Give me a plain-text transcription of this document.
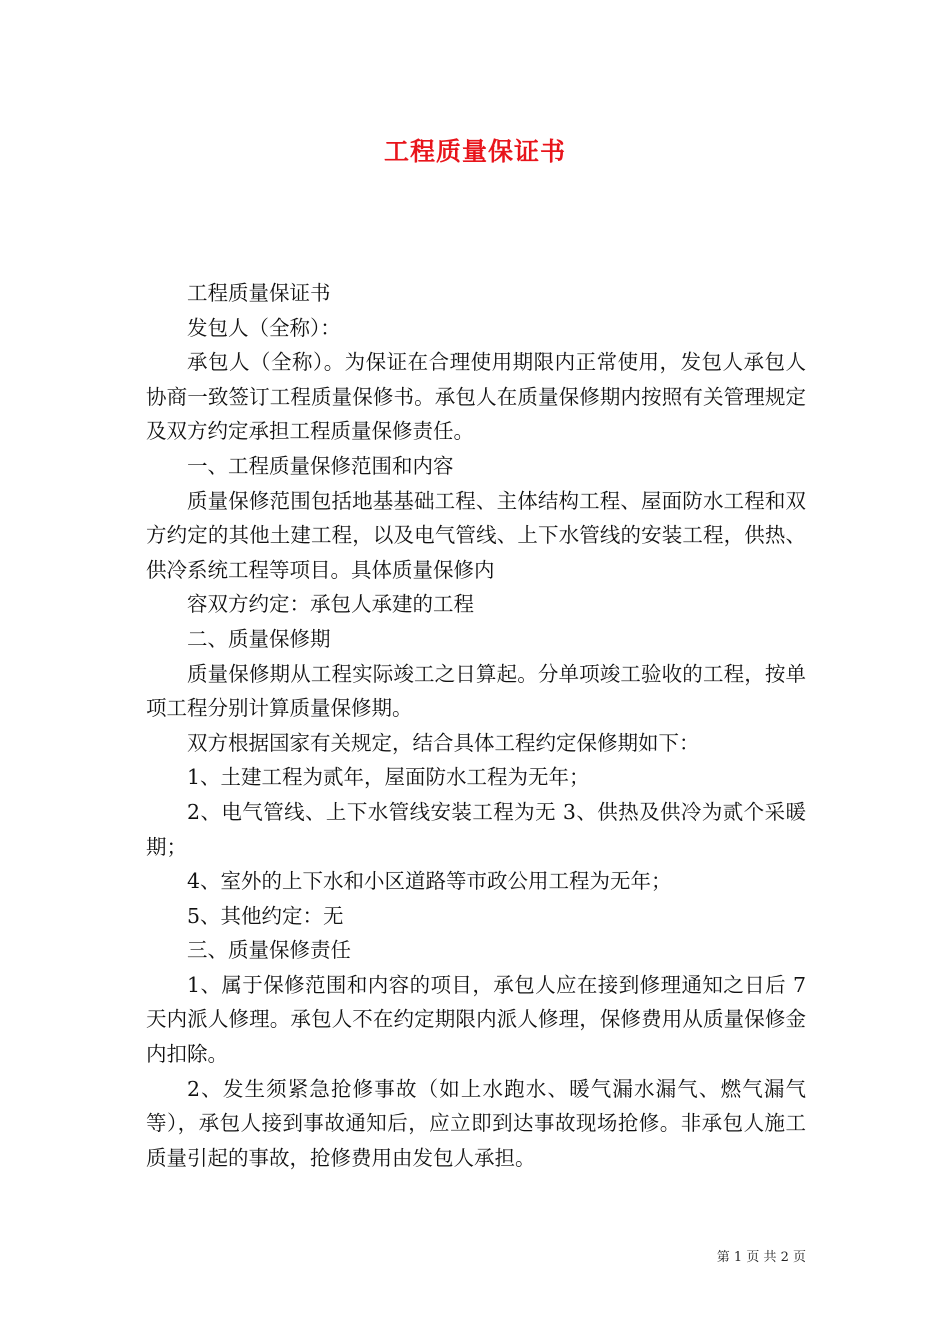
工程质量保证书

工程质量保证书

发包人（全称）：

承包人（全称）。为保证在合理使用期限内正常使用，发包人承包人协商一致签订工程质量保修书。承包人在质量保修期内按照有关管理规定及双方约定承担工程质量保修责任。

一、工程质量保修范围和内容

质量保修范围包括地基基础工程、主体结构工程、屋面防水工程和双方约定的其他土建工程，以及电气管线、上下水管线的安装工程，供热、供冷系统工程等项目。具体质量保修内

容双方约定：承包人承建的工程

二、质量保修期

质量保修期从工程实际竣工之日算起。分单项竣工验收的工程，按单项工程分别计算质量保修期。

双方根据国家有关规定，结合具体工程约定保修期如下：

1、土建工程为贰年，屋面防水工程为无年；

2、电气管线、上下水管线安装工程为无 3、供热及供冷为贰个采暖期；

4、室外的上下水和小区道路等市政公用工程为无年；

5、其他约定：无

三、质量保修责任

1、属于保修范围和内容的项目，承包人应在接到修理通知之日后 7 天内派人修理。承包人不在约定期限内派人修理，保修费用从质量保修金内扣除。

2、发生须紧急抢修事故（如上水跑水、暖气漏水漏气、燃气漏气等），承包人接到事故通知后，应立即到达事故现场抢修。非承包人施工质量引起的事故，抢修费用由发包人承担。

第 1 页 共 2 页
